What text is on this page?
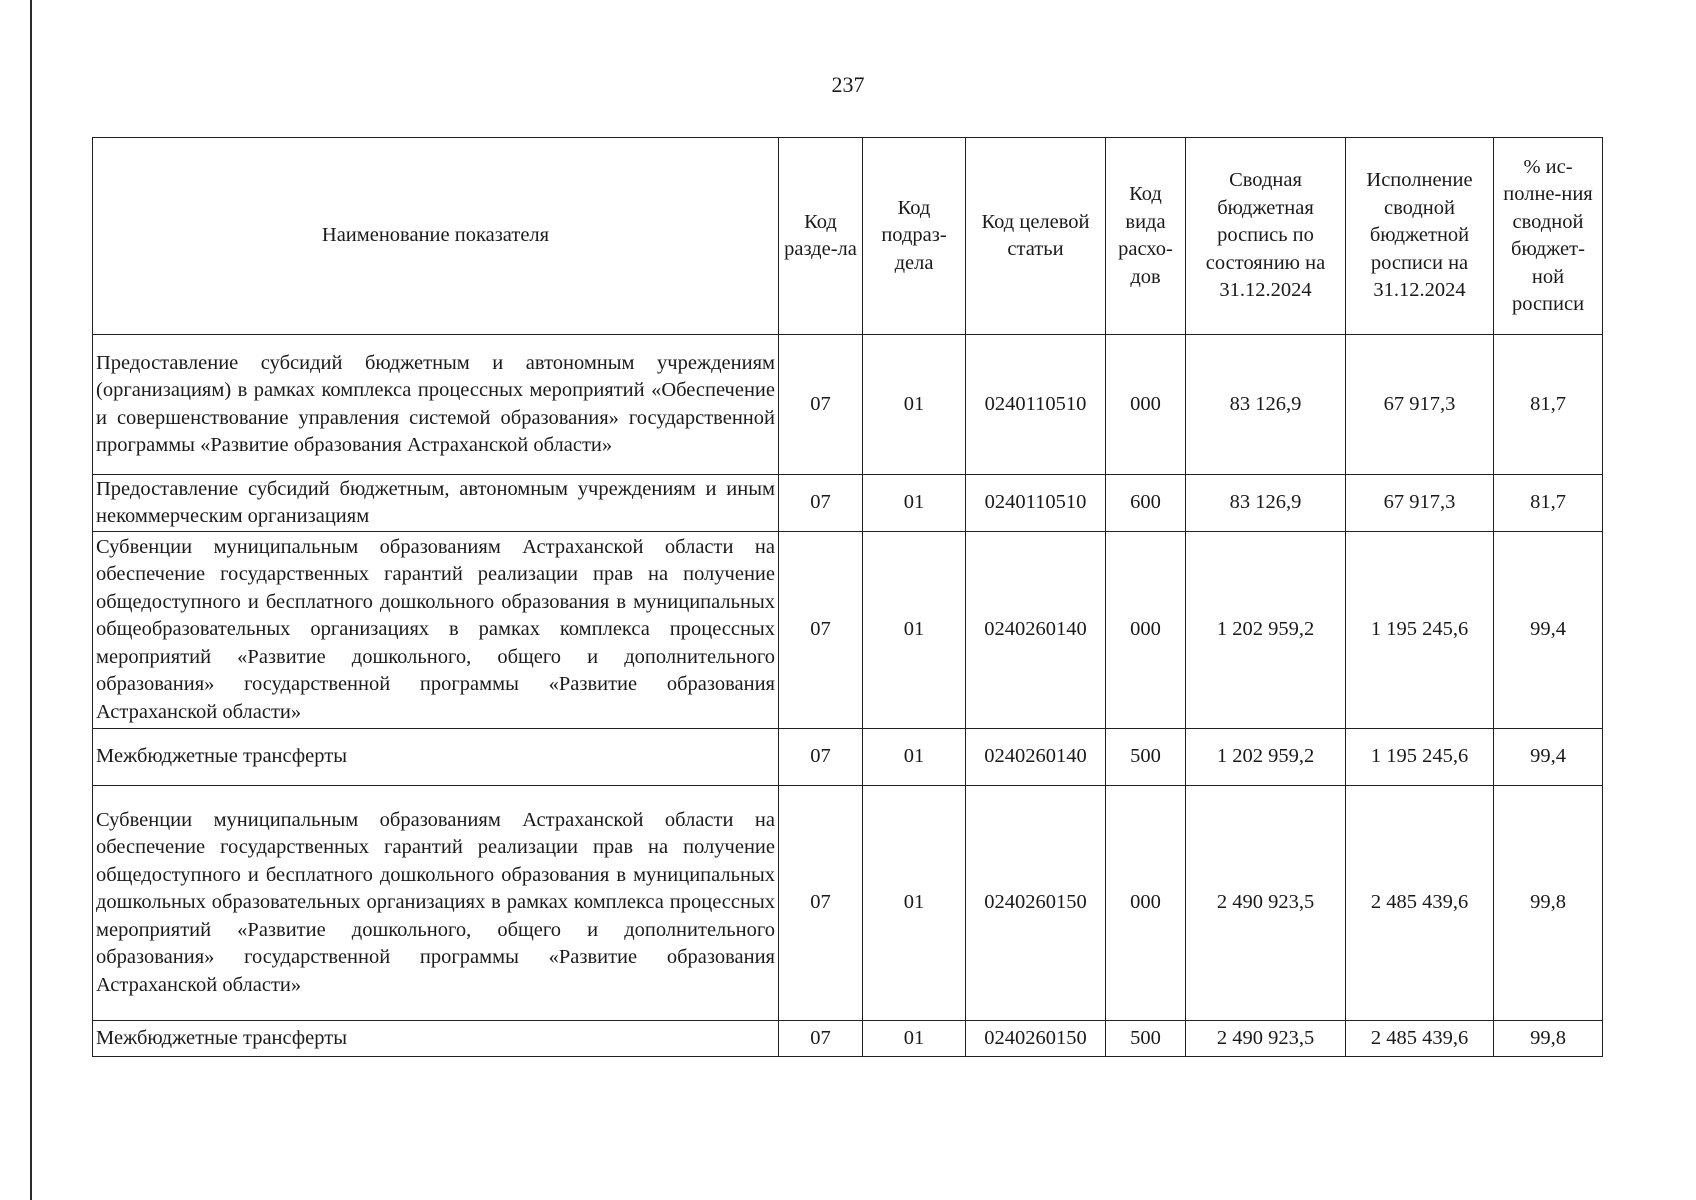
237
Наименование показателя	Код разде-ла	Код подраз-дела	Код целевой статьи	Код вида расхо-дов	Сводная бюджетная роспись по состоянию на 31.12.2024	Исполнение сводной бюджетной росписи на 31.12.2024	% ис-полне-ния сводной бюджет-ной росписи
Предоставление субсидий бюджетным и автономным учреждениям (организациям) в рамках комплекса процессных мероприятий «Обеспечение и совершенствование управления системой образования» государственной программы «Развитие образования Астраханской области»	07	01	0240110510	000	83 126,9	67 917,3	81,7
Предоставление субсидий бюджетным, автономным учреждениям и иным некоммерческим организациям	07	01	0240110510	600	83 126,9	67 917,3	81,7
Субвенции муниципальным образованиям Астраханской области на обеспечение государственных гарантий реализации прав на получение общедоступного и бесплатного дошкольного образования в муниципальных общеобразовательных организациях в рамках комплекса процессных мероприятий «Развитие дошкольного, общего и дополнительного образования» государственной программы «Развитие образования Астраханской области»	07	01	0240260140	000	1 202 959,2	1 195 245,6	99,4
Межбюджетные трансферты	07	01	0240260140	500	1 202 959,2	1 195 245,6	99,4
Субвенции муниципальным образованиям Астраханской области на обеспечение государственных гарантий реализации прав на получение общедоступного и бесплатного дошкольного образования в муниципальных дошкольных образовательных организациях в рамках комплекса процессных мероприятий «Развитие дошкольного, общего и дополнительного образования» государственной программы «Развитие образования Астраханской области»	07	01	0240260150	000	2 490 923,5	2 485 439,6	99,8
Межбюджетные трансферты	07	01	0240260150	500	2 490 923,5	2 485 439,6	99,8
